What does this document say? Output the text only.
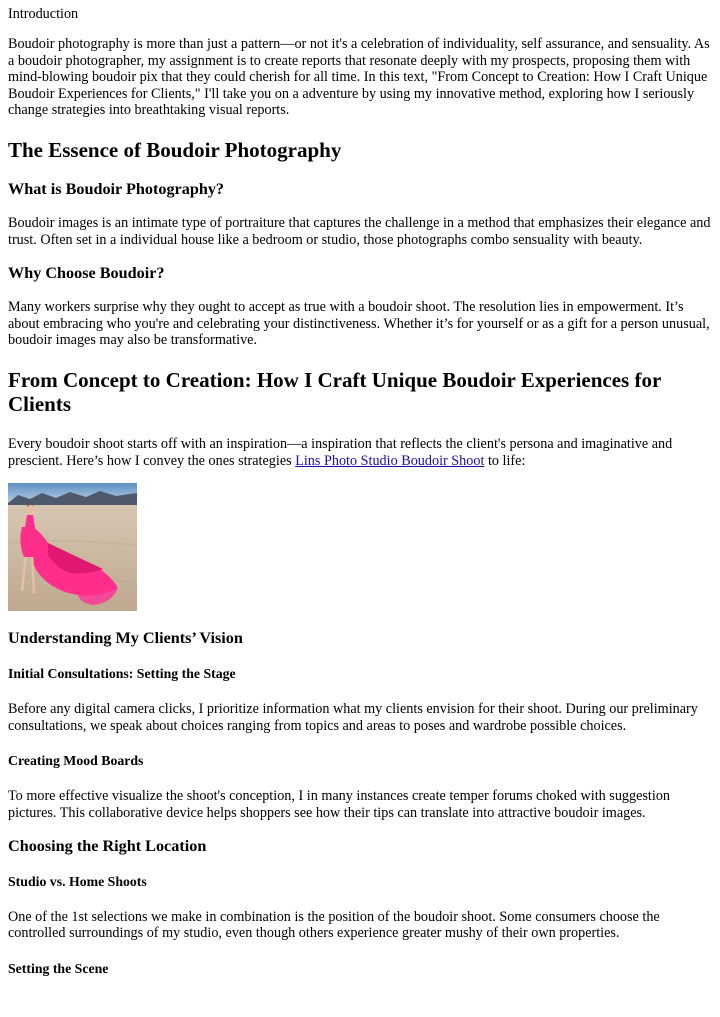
Introduction

Boudoir photography is more than just a pattern—or not it's a celebration of individuality, self assurance, and sensuality. As a boudoir photographer, my assignment is to create reports that resonate deeply with my prospects, proposing them with mind-blowing boudoir pix that they could cherish for all time. In this text, "From Concept to Creation: How I Craft Unique Boudoir Experiences for Clients," I'll take you on a adventure by using my innovative method, exploring how I seriously change strategies into breathtaking visual reports.

The Essence of Boudoir Photography
What is Boudoir Photography?

Boudoir images is an intimate type of portraiture that captures the challenge in a method that emphasizes their elegance and trust. Often set in a individual house like a bedroom or studio, those photographs combo sensuality with beauty.

Why Choose Boudoir?

Many workers surprise why they ought to accept as true with a boudoir shoot. The resolution lies in empowerment. It’s about embracing who you're and celebrating your distinctiveness. Whether it’s for yourself or as a gift for a person unusual, boudoir images may also be transformative.

From Concept to Creation: How I Craft Unique Boudoir Experiences for Clients

Every boudoir shoot starts off with an inspiration—a inspiration that reflects the client's persona and imaginative and prescient. Here’s how I convey the ones strategies Lins Photo Studio Boudoir Shoot to life:

Understanding My Clients’ Vision
Initial Consultations: Setting the Stage

Before any digital camera clicks, I prioritize information what my clients envision for their shoot. During our preliminary consultations, we speak about choices ranging from topics and areas to poses and wardrobe possible choices.

Creating Mood Boards

To more effective visualize the shoot's conception, I in many instances create temper forums choked with suggestion pictures. This collaborative device helps shoppers see how their tips can translate into attractive boudoir images.

Choosing the Right Location
Studio vs. Home Shoots

One of the 1st selections we make in combination is the position of the boudoir shoot. Some consumers choose the controlled surroundings of my studio, even though others experience greater mushy of their own properties.

Setting the Scene
